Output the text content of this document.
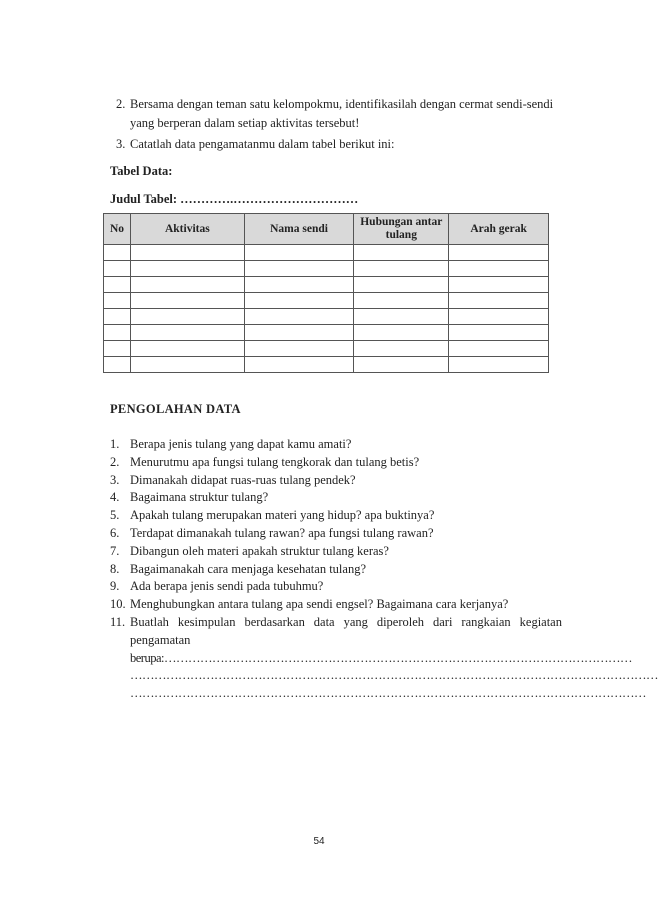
2. Bersama dengan teman satu kelompokmu, identifikasilah dengan cermat sendi-sendi yang berperan dalam setiap aktivitas tersebut!
3. Catatlah data pengamatanmu dalam tabel berikut ini:
Tabel Data:
Judul Tabel: ………….…………………………
No	Aktivitas	Nama sendi	Hubungan antar tulang	Arah gerak

PENGOLAHAN DATA
1. Berapa jenis tulang yang dapat kamu amati?
2. Menurutmu apa fungsi tulang tengkorak dan tulang betis?
3. Dimanakah didapat ruas-ruas tulang pendek?
4. Bagaimana struktur tulang?
5. Apakah tulang merupakan materi yang hidup? apa buktinya?
6. Terdapat dimanakah tulang rawan? apa fungsi tulang rawan?
7. Dibangun oleh materi apakah struktur tulang keras?
8. Bagaimanakah cara menjaga kesehatan tulang?
9. Ada berapa jenis sendi pada tubuhmu?
10. Menghubungkan antara tulang apa sendi engsel? Bagaimana cara kerjanya?
11. Buatlah kesimpulan berdasarkan data yang diperoleh dari rangkaian kegiatan
pengamatan
berupa:………………………………………………………………………………………………………
……………………………………………………………………………………………………………………
…………………………………………………………………………………………………………………
54
